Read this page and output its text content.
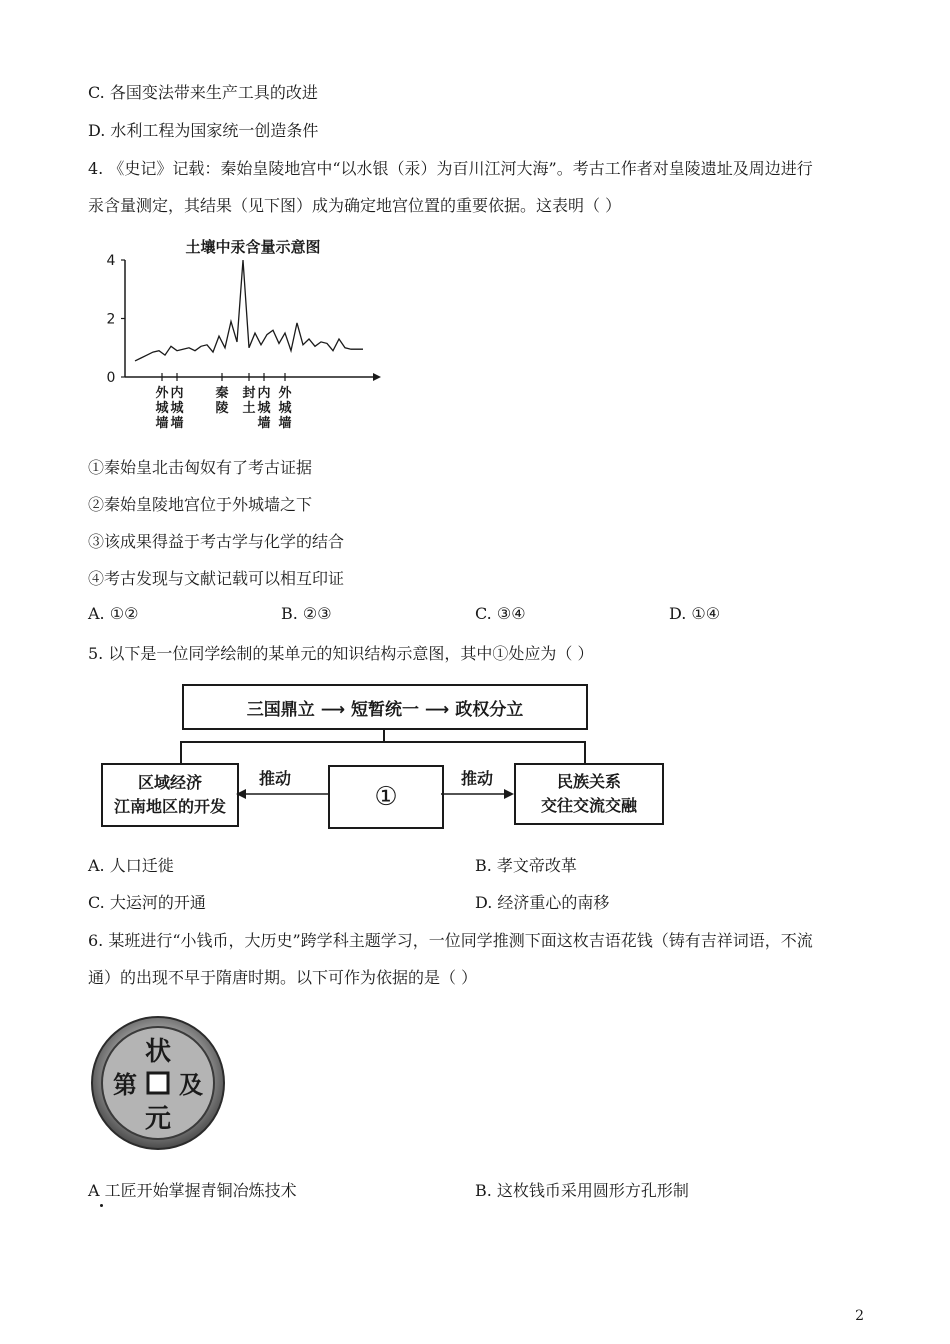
C. 各国变法带来生产工具的改进
D. 水利工程为国家统一创造条件
4. 《史记》记载：秦始皇陵地宫中“以水银（汞）为百川江河大海”。考古工作者对皇陵遗址及周边进行
汞含量测定，其结果（见下图）成为确定地宫位置的重要依据。这表明（ ）
土壤中汞含量示意图
0
2
4
外城墙
内城墙
秦陵
封土
内城墙
外城墙
①秦始皇北击匈奴有了考古证据
②秦始皇陵地宫位于外城墙之下
③该成果得益于考古学与化学的结合
④考古发现与文献记载可以相互印证
A. ①②	B. ②③	C. ③④	D. ①④
5. 以下是一位同学绘制的某单元的知识结构示意图，其中①处应为（ ）
三国鼎立 ⟶ 短暂统一 ⟶ 政权分立
区域经济
江南地区的开发	①
民族关系
交往交流交融
推动	推动
A. 人口迁徙	B. 孝文帝改革
C. 大运河的开通	D. 经济重心的南移
6. 某班进行“小钱币，大历史”跨学科主题学习，一位同学推测下面这枚吉语花钱（铸有吉祥词语，不流
通）的出现不早于隋唐时期。以下可作为依据的是（ ）
状
元
第 及
A 工匠开始掌握青铜冶炼技术	B. 这枚钱币采用圆形方孔形制
2
